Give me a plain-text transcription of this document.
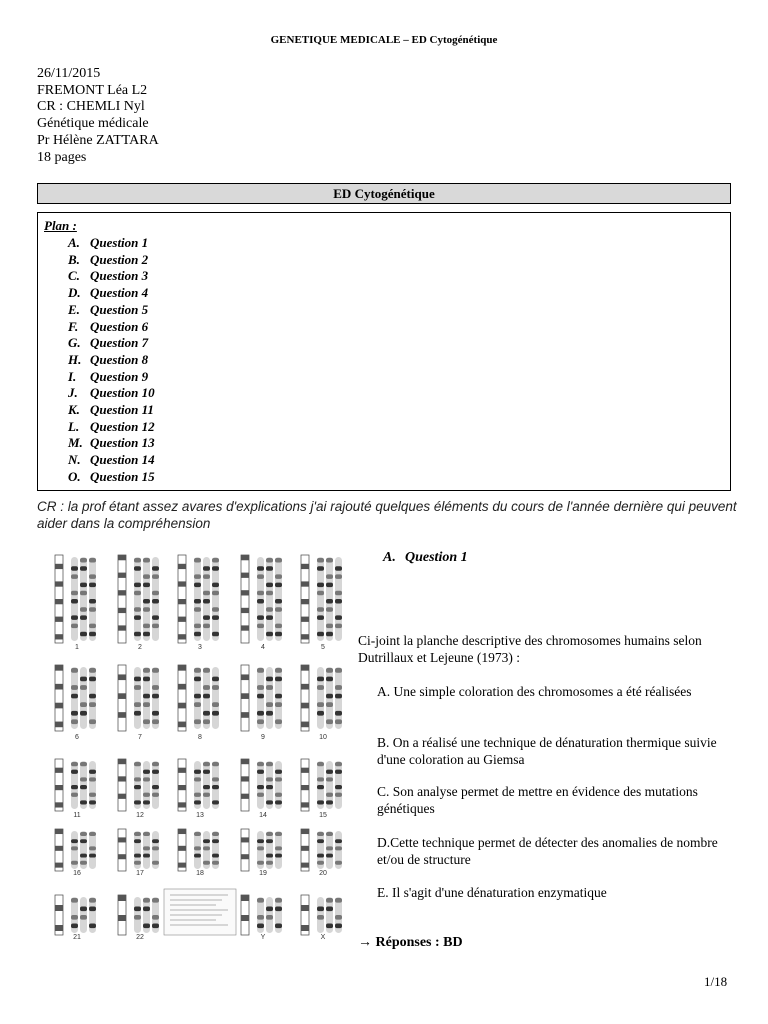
GENETIQUE MEDICALE – ED Cytogénétique
26/11/2015
FREMONT Léa L2
CR : CHEMLI Nyl
Génétique médicale
Pr Hélène ZATTARA
18 pages
ED Cytogénétique
Plan :
A. Question 1
B. Question 2
C. Question 3
D. Question 4
E. Question 5
F. Question 6
G. Question 7
H. Question 8
I.	Question 9
J. Question 10
K. Question 11
L. Question 12
M. Question 13
N. Question 14
O. Question 15
CR : la prof étant assez avares d'explications j'ai rajouté quelques éléments du cours de l'année dernière qui peuvent aider dans la compréhension
1	2	3	4	5
6	7	8	9	10
11	12	13	14	15
16	17	18	19	20
21	22	Y	X
A. Question 1
Ci-joint la planche descriptive des chromosomes humains selon Dutrillaux et Lejeune (1973) :
A. Une simple coloration des chromosomes a été réalisées
B. On a réalisé une technique de dénaturation thermique suivie d'une coloration au Giemsa
C. Son analyse permet de mettre en évidence des mutations génétiques
D.Cette technique permet de détecter des anomalies de nombre et/ou de structure
E. Il s'agit d'une dénaturation enzymatique
→ Réponses : BD
1/18
